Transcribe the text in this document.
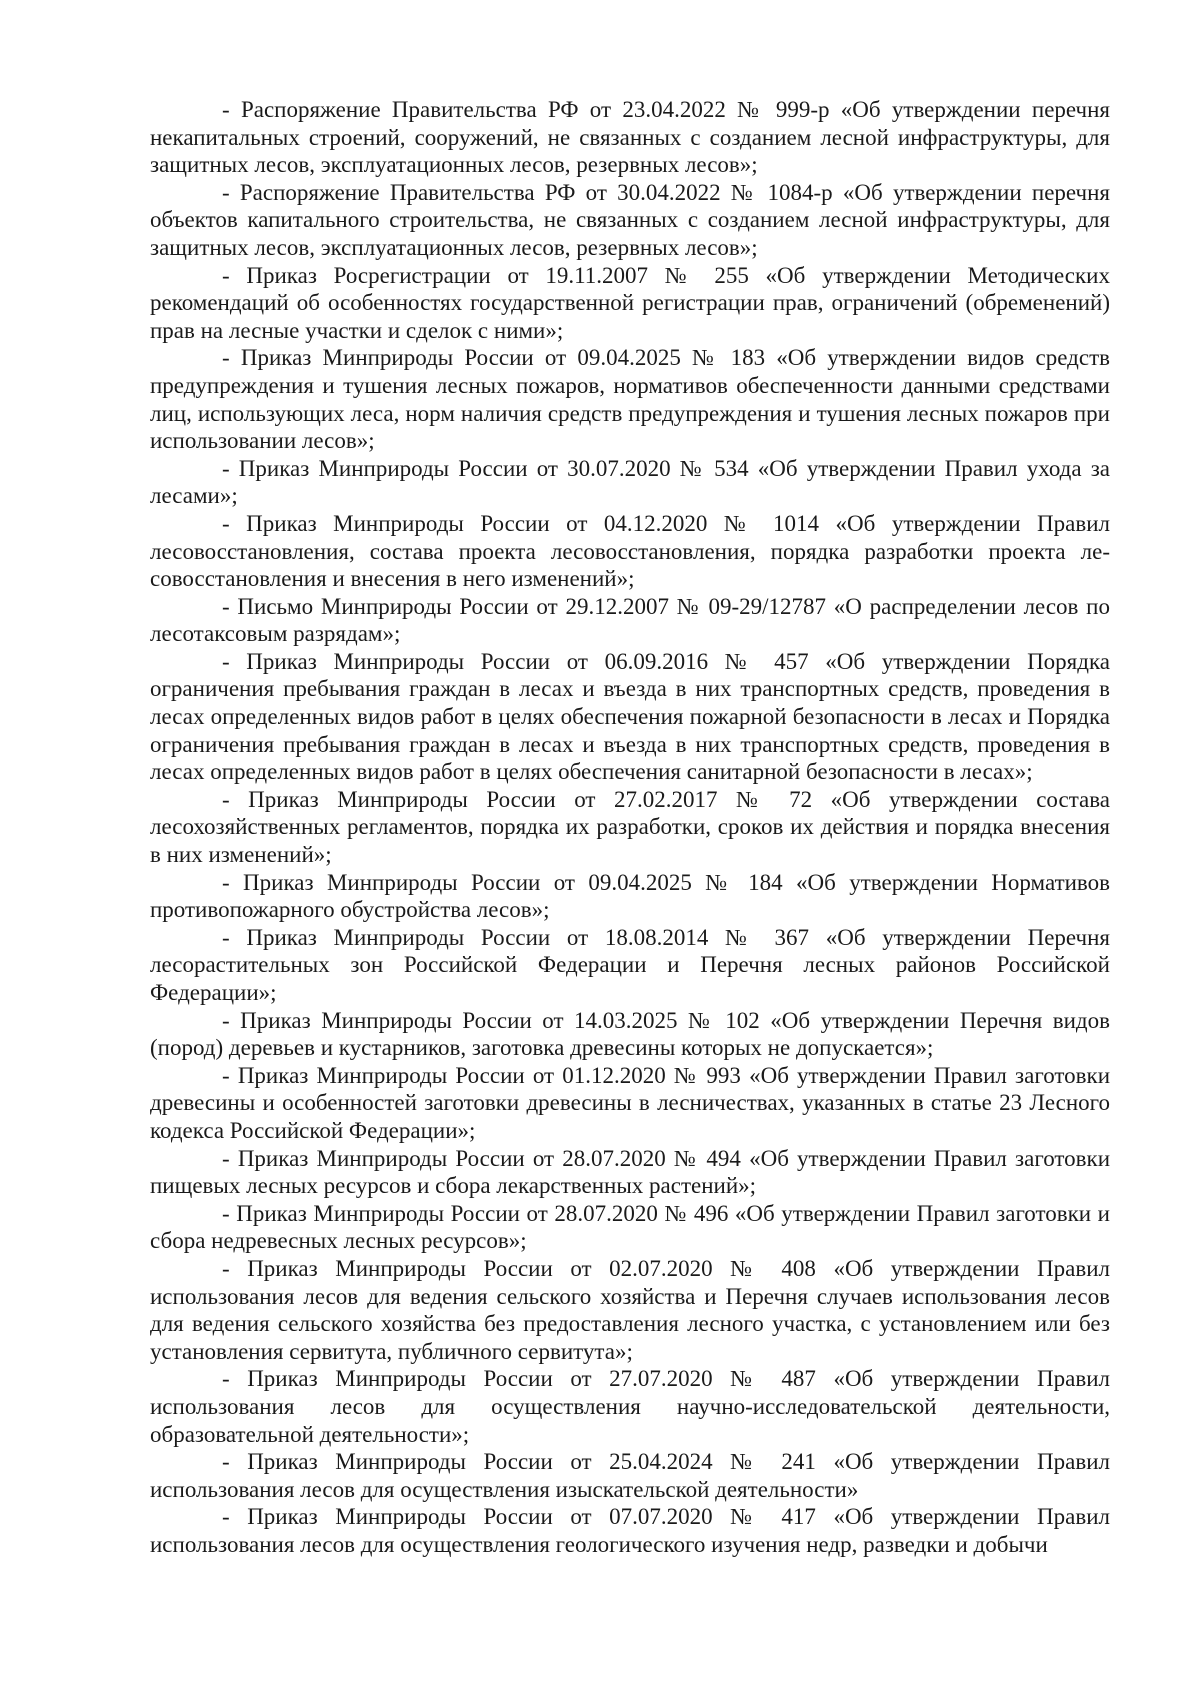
- Распоряжение Правительства РФ от 23.04.2022 № 999-р «Об утверждении перечня некапитальных строений, сооружений, не связанных с созданием лесной инфраструктуры, для защитных лесов, эксплуатационных лесов, резервных лесов»;

- Распоряжение Правительства РФ от 30.04.2022 № 1084-р «Об утверждении перечня объектов капитального строительства, не связанных с созданием лесной инфраструктуры, для защитных лесов, эксплуатационных лесов, резервных лесов»;

- Приказ Росрегистрации от 19.11.2007 № 255 «Об утверждении Методических рекомендаций об особенностях государственной регистрации прав, ограничений (обременений) прав на лесные участки и сделок с ними»;

- Приказ Минприроды России от 09.04.2025 № 183 «Об утверждении видов средств предупреждения и тушения лесных пожаров, нормативов обеспеченности данными средствами лиц, использующих леса, норм наличия средств предупреждения и тушения лесных пожаров при использовании лесов»;

- Приказ Минприроды России от 30.07.2020 № 534 «Об утверждении Правил ухода за лесами»;

- Приказ Минприроды России от 04.12.2020 № 1014 «Об утверждении Правил лесовосстановления, состава проекта лесовосстановления, порядка разработки проекта лесовосстановления и внесения в него изменений»;

- Письмо Минприроды России от 29.12.2007 № 09-29/12787 «О распределении лесов по лесотаксовым разрядам»;

- Приказ Минприроды России от 06.09.2016 № 457 «Об утверждении Порядка ограничения пребывания граждан в лесах и въезда в них транспортных средств, проведения в лесах определенных видов работ в целях обеспечения пожарной безопасности в лесах и Порядка ограничения пребывания граждан в лесах и въезда в них транспортных средств, проведения в лесах определенных видов работ в целях обеспечения санитарной безопасности в лесах»;

- Приказ Минприроды России от 27.02.2017 № 72 «Об утверждении состава лесохозяйственных регламентов, порядка их разработки, сроков их действия и порядка внесения в них изменений»;

- Приказ Минприроды России от 09.04.2025 № 184 «Об утверждении Нормативов противопожарного обустройства лесов»;

- Приказ Минприроды России от 18.08.2014 № 367 «Об утверждении Перечня лесорастительных зон Российской Федерации и Перечня лесных районов Российской Федерации»;

- Приказ Минприроды России от 14.03.2025 № 102 «Об утверждении Перечня видов (пород) деревьев и кустарников, заготовка древесины которых не допускается»;

- Приказ Минприроды России от 01.12.2020 № 993 «Об утверждении Правил заготовки древесины и особенностей заготовки древесины в лесничествах, указанных в статье 23 Лесного кодекса Российской Федерации»;

- Приказ Минприроды России от 28.07.2020 № 494 «Об утверждении Правил заготовки пищевых лесных ресурсов и сбора лекарственных растений»;

- Приказ Минприроды России от 28.07.2020 № 496 «Об утверждении Правил заготовки и сбора недревесных лесных ресурсов»;

- Приказ Минприроды России от 02.07.2020 № 408 «Об утверждении Правил использования лесов для ведения сельского хозяйства и Перечня случаев использования лесов для ведения сельского хозяйства без предоставления лесного участка, с установлением или без установления сервитута, публичного сервитута»;

- Приказ Минприроды России от 27.07.2020 № 487 «Об утверждении Правил использования лесов для осуществления научно-исследовательской деятельности, образовательной деятельности»;

- Приказ Минприроды России от 25.04.2024 № 241 «Об утверждении Правил использования лесов для осуществления изыскательской деятельности»

- Приказ Минприроды России от 07.07.2020 № 417 «Об утверждении Правил использования лесов для осуществления геологического изучения недр, разведки и добычи
